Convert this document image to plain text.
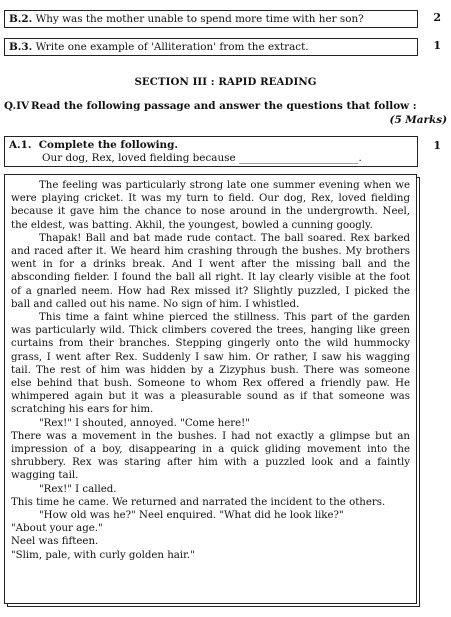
B.2. Why was the mother unable to spend more time with her son?	2
B.3. Write one example of 'Alliteration' from the extract.	1
SECTION III : RAPID READING
Q.IV Read the following passage and answer the questions that follow :
(5 Marks)
A.1. Complete the following.
Our dog, Rex, loved fielding because _______________________.
1

The feeling was particularly strong late one summer evening when we were playing cricket. It was my turn to field. Our dog, Rex, loved fielding because it gave him the chance to nose around in the undergrowth. Neel, the eldest, was batting. Akhil, the youngest, bowled a cunning googly.

Thapak! Ball and bat made rude contact. The ball soared. Rex barked and raced after it. We heard him crashing through the bushes. My brothers went in for a drinks break. And I went after the missing ball and the absconding fielder. I found the ball all right. It lay clearly visible at the foot of a gnarled neem. How had Rex missed it? Slightly puzzled, I picked the ball and called out his name. No sign of him. I whistled.

This time a faint whine pierced the stillness. This part of the garden was particularly wild. Thick climbers covered the trees, hanging like green curtains from their branches. Stepping gingerly onto the wild hummocky grass, I went after Rex. Suddenly I saw him. Or rather, I saw his wagging tail. The rest of him was hidden by a Zizyphus bush. There was someone else behind that bush. Someone to whom Rex offered a friendly paw. He whimpered again but it was a pleasurable sound as if that someone was scratching his ears for him.

"Rex!" I shouted, annoyed. "Come here!"

There was a movement in the bushes. I had not exactly a glimpse but an impression of a boy, disappearing in a quick gliding movement into the shrubbery. Rex was staring after him with a puzzled look and a faintly wagging tail.

"Rex!" I called.

This time he came. We returned and narrated the incident to the others.

"How old was he?" Neel enquired. "What did he look like?"

"About your age."

Neel was fifteen.

"Slim, pale, with curly golden hair."
